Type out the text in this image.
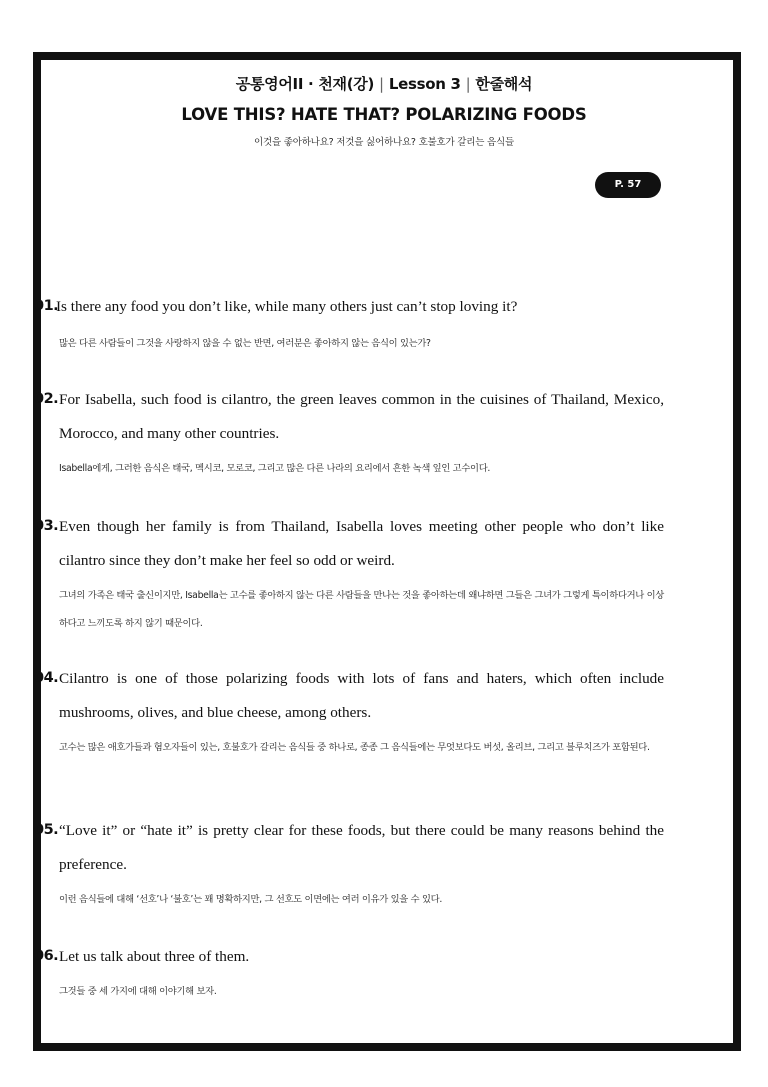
공통영어II · 천재(강) | Lesson 3 | 한줄해석
LOVE THIS? HATE THAT? POLARIZING FOODS
이것을 좋아하나요? 저것을 싫어하나요? 호불호가 갈리는 음식들
P. 57
01.
Is there any food you don’t like, while many others just can’t stop loving it?
많은 다른 사람들이 그것을 사랑하지 않을 수 없는 반면, 여러분은 좋아하지 않는 음식이 있는가?
02. For Isabella, such food is cilantro, the green leaves common in the cuisines of Thailand, Mexico, Morocco, and many other countries.
Isabella에게, 그러한 음식은 태국, 멕시코, 모로코, 그리고 많은 다른 나라의 요리에서 흔한 녹색 잎인 고수이다.
03. Even though her family is from Thailand, Isabella loves meeting other people who don’t like cilantro since they don’t make her feel so odd or weird.
그녀의 가족은 태국 출신이지만, Isabella는 고수를 좋아하지 않는 다른 사람들을 만나는 것을 좋아하는데 왜냐하면 그들은 그녀가 그렇게 특이하다거나 이상하다고 느끼도록 하지 않기 때문이다.
04. Cilantro is one of those polarizing foods with lots of fans and haters, which often include mushrooms, olives, and blue cheese, among others.
고수는 많은 애호가들과 혐오자들이 있는, 호불호가 갈리는 음식들 중 하나로, 종종 그 음식들에는 무엇보다도 버섯, 올리브, 그리고 블루치즈가 포함된다.
05. “Love it” or “hate it” is pretty clear for these foods, but there could be many reasons behind the preference.
이런 음식들에 대해 ‘선호’나 ‘불호’는 꽤 명확하지만, 그 선호도 이면에는 여러 이유가 있을 수 있다.
06. Let us talk about three of them.
그것들 중 세 가지에 대해 이야기해 보자.
